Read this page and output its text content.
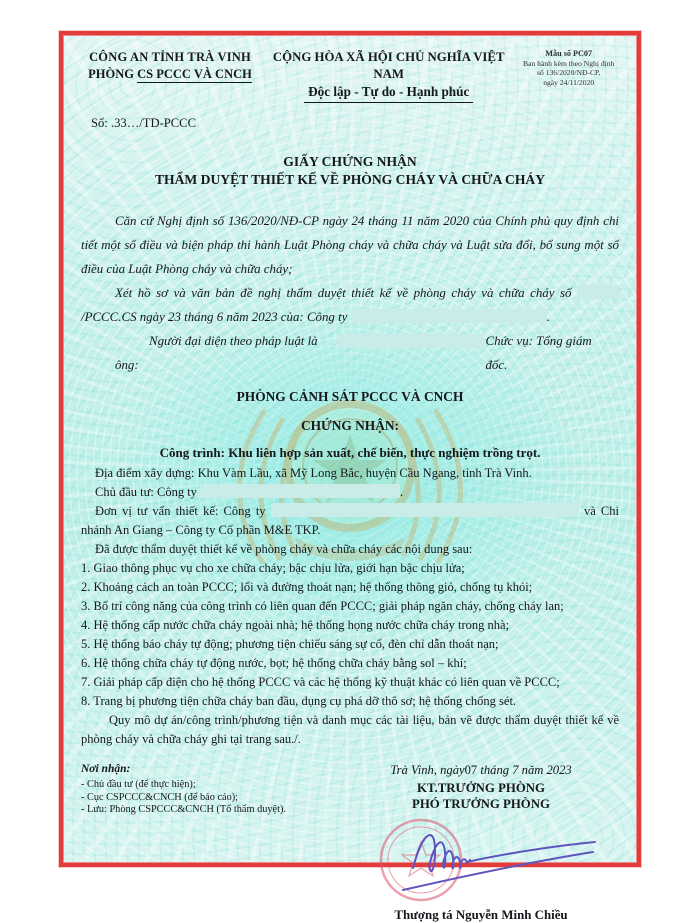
CÔNG AN TỈNH TRÀ VINH
PHÒNG CS PCCC VÀ CNCH
CỘNG HÒA XÃ HỘI CHỦ NGHĨA VIỆT NAM
Độc lập - Tự do - Hạnh phúc
Mẫu số PC07
Ban hành kèm theo Nghị định
số 136/2020/NĐ-CP,
ngày 24/11/2020
Số: .33…/TD-PCCC
GIẤY CHỨNG NHẬN
THẨM DUYỆT THIẾT KẾ VỀ PHÒNG CHÁY VÀ CHỮA CHÁY

Căn cứ Nghị định số 136/2020/NĐ-CP ngày 24 tháng 11 năm 2020 của Chính phủ quy định chi tiết một số điều và biện pháp thi hành Luật Phòng cháy và chữa cháy và Luật sửa đổi, bổ sung một số điều của Luật Phòng cháy và chữa cháy;

Xét hồ sơ và văn bản đề nghị thẩm duyệt thiết kế về phòng cháy và chữa cháy số /PCCC.CS ngày 23 tháng 6 năm 2023 của: Công ty	.

Người đại diện theo pháp luật là ông:
Chức vụ: Tổng giám đốc.
PHÒNG CẢNH SÁT PCCC VÀ CNCH
CHỨNG NHẬN:
Công trình: Khu liên hợp sản xuất, chế biến, thực nghiệm trồng trọt.

Địa điểm xây dựng: Khu Vàm Lầu, xã Mỹ Long Bắc, huyện Cầu Ngang, tỉnh Trà Vinh.

Chủ đầu tư: Công ty	.

Đơn vị tư vấn thiết kế: Công ty	và Chi nhánh An Giang – Công ty Cổ phần M&E TKP.

Đã được thẩm duyệt thiết kế về phòng cháy và chữa cháy các nội dung sau:

1. Giao thông phục vụ cho xe chữa cháy; bậc chịu lửa, giới hạn bậc chịu lửa;

2. Khoảng cách an toàn PCCC; lối và đường thoát nạn; hệ thống thông gió, chống tụ khói;

3. Bố trí công năng của công trình có liên quan đến PCCC; giải pháp ngăn cháy, chống cháy lan;

4. Hệ thống cấp nước chữa cháy ngoài nhà; hệ thống họng nước chữa cháy trong nhà;

5. Hệ thống báo cháy tự động; phương tiện chiếu sáng sự cố, đèn chỉ dẫn thoát nạn;

6. Hệ thống chữa cháy tự động nước, bọt; hệ thống chữa cháy bằng sol – khí;

7. Giải pháp cấp điện cho hệ thống PCCC và các hệ thống kỹ thuật khác có liên quan về PCCC;

8. Trang bị phương tiện chữa cháy ban đầu, dụng cụ phá dỡ thô sơ; hệ thống chống sét.

Quy mô dự án/công trình/phương tiện và danh mục các tài liệu, bản vẽ được thẩm duyệt thiết kế về phòng cháy và chữa cháy ghi tại trang sau./.

Nơi nhận:
- Chủ đầu tư (để thực hiện);
- Cục CSPCCC&CNCH (để báo cáo);
- Lưu: Phòng CSPCCC&CNCH (Tổ thẩm duyệt).
Trà Vinh, ngày07 tháng 7 năm 2023
KT.TRƯỞNG PHÒNG
PHÓ TRƯỞNG PHÒNG
Thượng tá Nguyễn Minh Chiều
